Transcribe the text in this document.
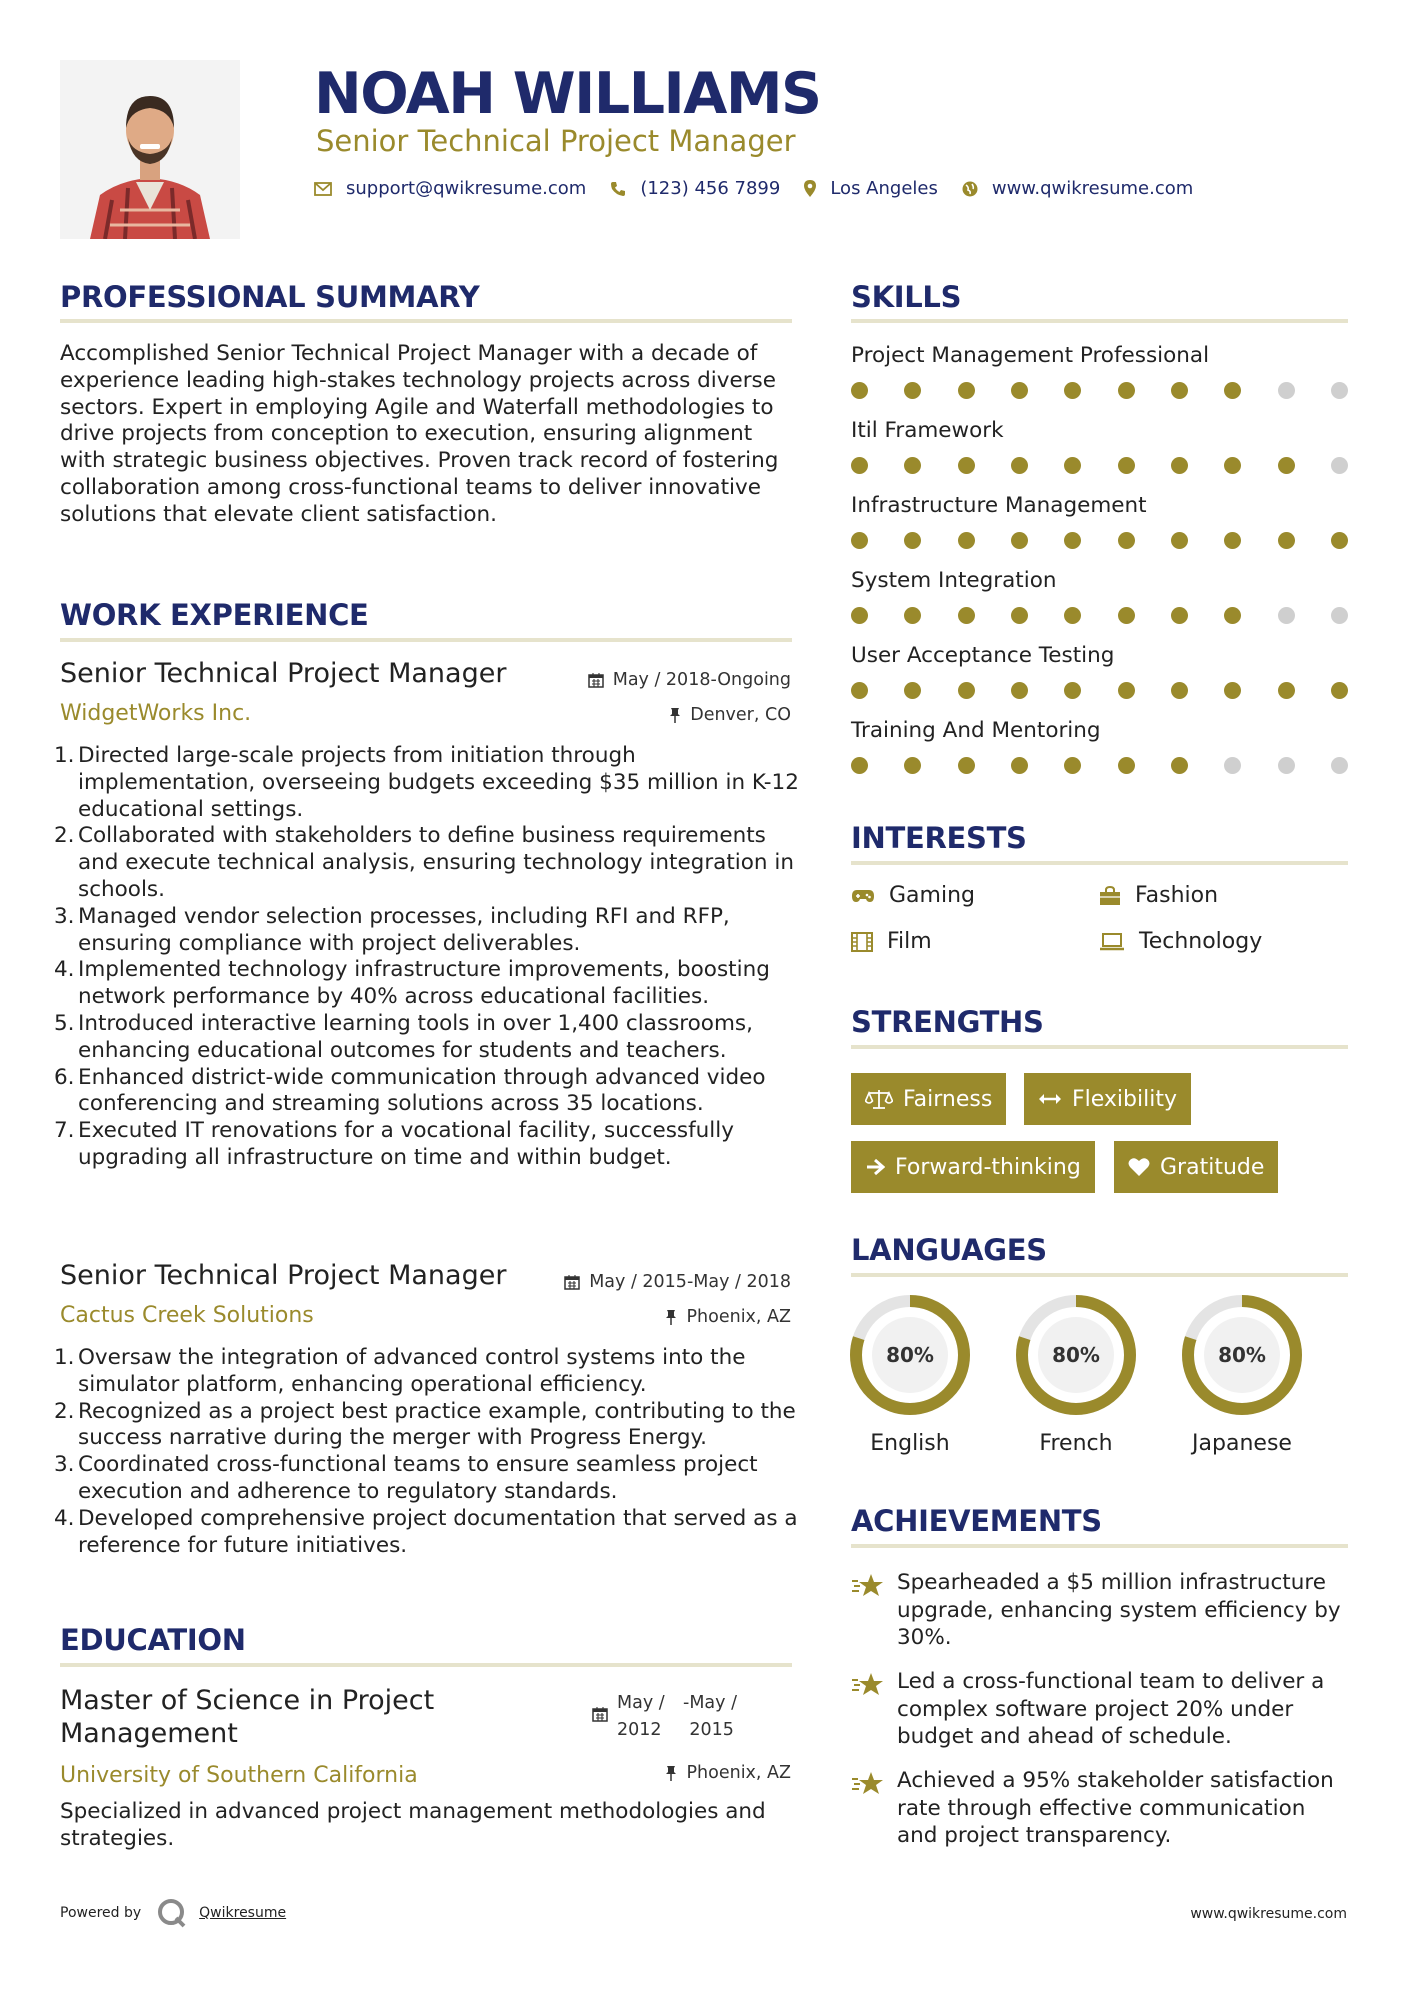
NOAH WILLIAMS
Senior Technical Project Manager
support@qwikresume.com	(123) 456 7899	Los Angeles	www.qwikresume.com
PROFESSIONAL SUMMARY

Accomplished Senior Technical Project Manager with a decade of experience leading high-stakes technology projects across diverse sectors. Expert in employing Agile and Waterfall methodologies to drive projects from conception to execution, ensuring alignment with strategic business objectives. Proven track record of fostering collaboration among cross-functional teams to deliver innovative solutions that elevate client satisfaction.

WORK EXPERIENCE
Senior Technical Project Manager	May / 2018-Ongoing
WidgetWorks Inc.	Denver, CO
1. Directed large-scale projects from initiation through implementation, overseeing budgets exceeding $35 million in K-12 educational settings.
2. Collaborated with stakeholders to define business requirements and execute technical analysis, ensuring technology integration in schools.
3. Managed vendor selection processes, including RFI and RFP, ensuring compliance with project deliverables.
4. Implemented technology infrastructure improvements, boosting network performance by 40% across educational facilities.
5. Introduced interactive learning tools in over 1,400 classrooms, enhancing educational outcomes for students and teachers.
6. Enhanced district-wide communication through advanced video conferencing and streaming solutions across 35 locations.
7. Executed IT renovations for a vocational facility, successfully upgrading all infrastructure on time and within budget.
Senior Technical Project Manager	May / 2015-May / 2018
Cactus Creek Solutions	Phoenix, AZ
1. Oversaw the integration of advanced control systems into the simulator platform, enhancing operational efficiency.
2. Recognized as a project best practice example, contributing to the success narrative during the merger with Progress Energy.
3. Coordinated cross-functional teams to ensure seamless project execution and adherence to regulatory standards.
4. Developed comprehensive project documentation that served as a reference for future initiatives.
EDUCATION
Master of Science in Project Management
May / 2012
- May / 2015
University of Southern California	Phoenix, AZ

Specialized in advanced project management methodologies and strategies.

SKILLS
Project Management Professional
Itil Framework
Infrastructure Management
System Integration
User Acceptance Testing
Training And Mentoring
INTERESTS
Gaming	Fashion
Film	Technology
STRENGTHS
Fairness	Flexibility
Forward-thinking	Gratitude
LANGUAGES
80%
English
80%
French
80%
Japanese
ACHIEVEMENTS

Spearheaded a $5 million infrastructure upgrade, enhancing system efficiency by 30%.

Led a cross-functional team to deliver a complex software project 20% under budget and ahead of schedule.

Achieved a 95% stakeholder satisfaction rate through effective communication and project transparency.

Powered by	Qwikresume	www.qwikresume.com
